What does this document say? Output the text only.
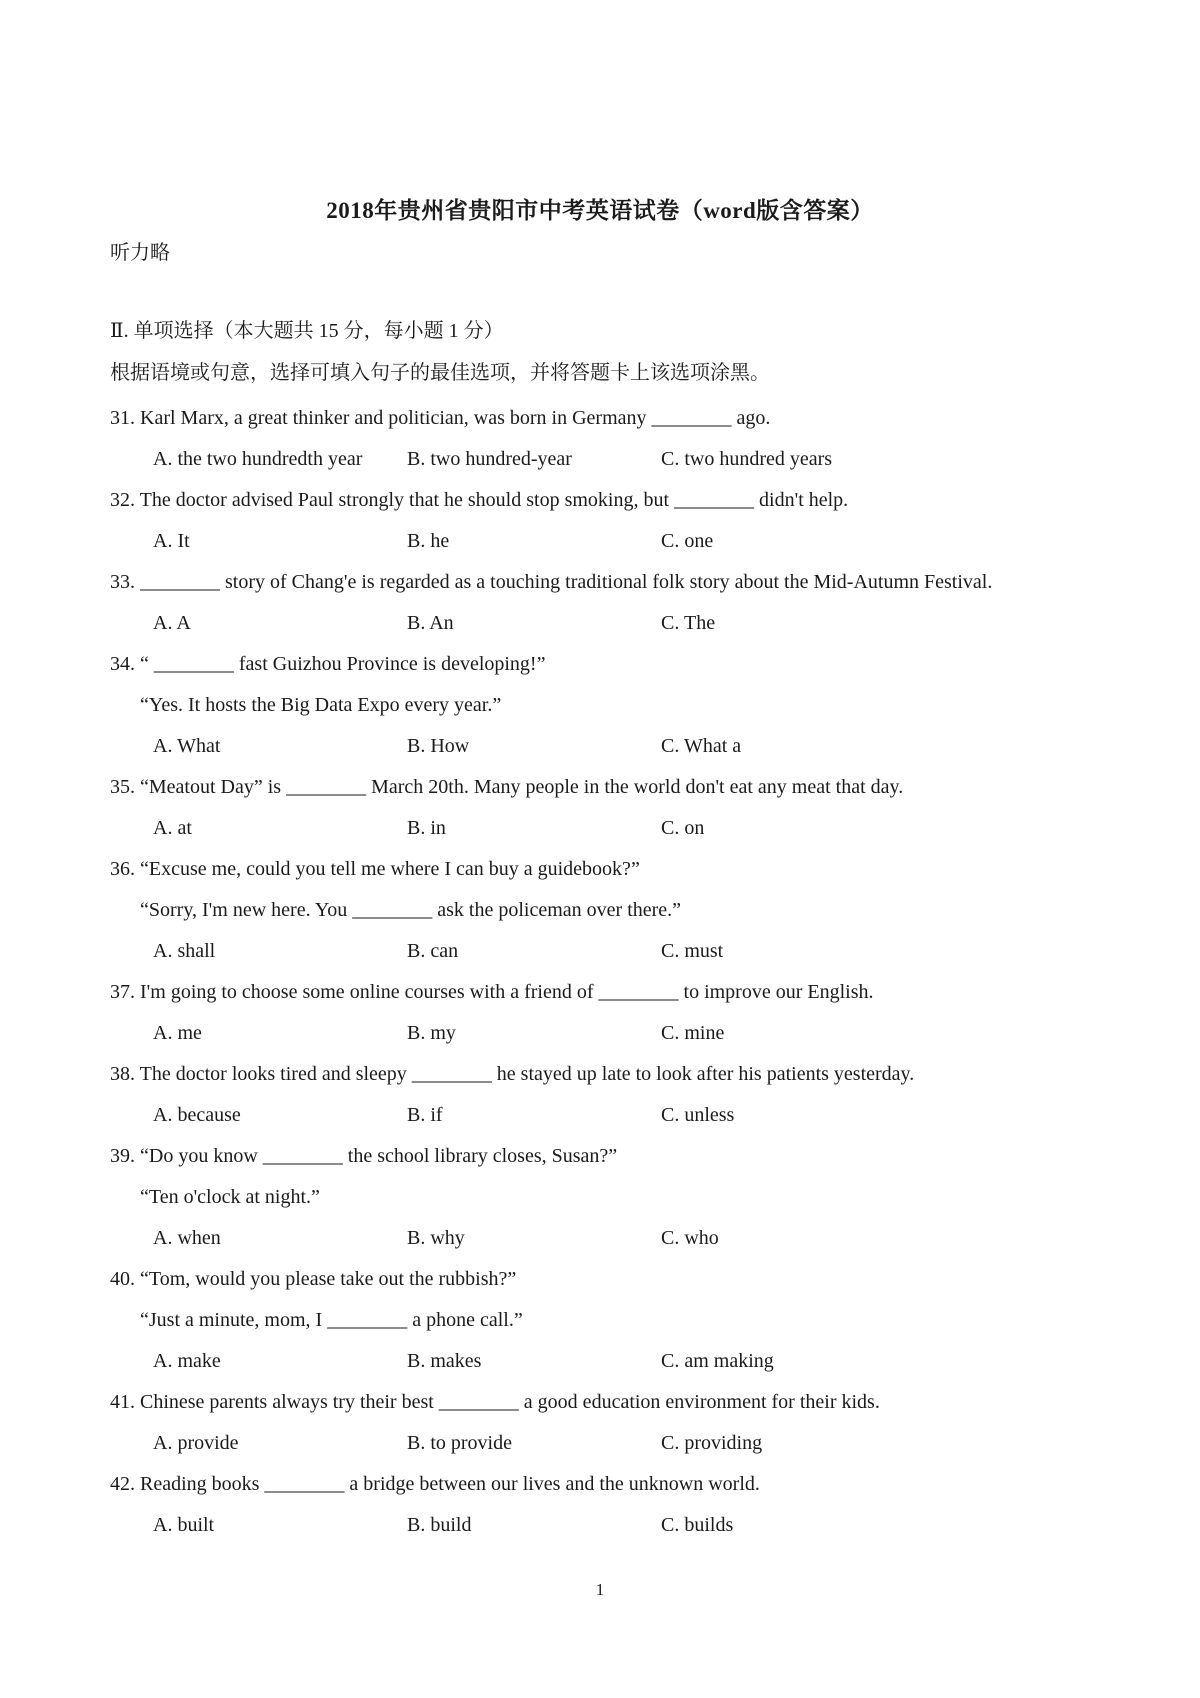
2018年贵州省贵阳市中考英语试卷（word版含答案）
听力略
Ⅱ. 单项选择（本大题共 15 分，每小题 1 分）
根据语境或句意，选择可填入句子的最佳选项，并将答题卡上该选项涂黑。
31. Karl Marx, a great thinker and politician, was born in Germany ________ ago.
A. the two hundredth year B. two hundred-year	C. two hundred years
32. The doctor advised Paul strongly that he should stop smoking, but ________ didn't help.
A. It	B. he	C. one
33. ________ story of Chang'e is regarded as a touching traditional folk story about the Mid-Autumn Festival.
A. A	B. An	C. The
34. “ ________ fast Guizhou Province is developing!”
“Yes. It hosts the Big Data Expo every year.”
A. What	B. How	C. What a
35. “Meatout Day” is ________ March 20th. Many people in the world don't eat any meat that day.
A. at	B. in	C. on
36. “Excuse me, could you tell me where I can buy a guidebook?”
“Sorry, I'm new here. You ________ ask the policeman over there.”
A. shall	B. can	C. must
37. I'm going to choose some online courses with a friend of ________ to improve our English.
A. me	B. my	C. mine
38. The doctor looks tired and sleepy ________ he stayed up late to look after his patients yesterday.
A. because	B. if	C. unless
39. “Do you know ________ the school library closes, Susan?”
“Ten o'clock at night.”
A. when	B. why	C. who
40. “Tom, would you please take out the rubbish?”
“Just a minute, mom, I ________ a phone call.”
A. make	B. makes	C. am making
41. Chinese parents always try their best ________ a good education environment for their kids.
A. provide	B. to provide	C. providing
42. Reading books ________ a bridge between our lives and the unknown world.
A. built	B. build	C. builds
1
